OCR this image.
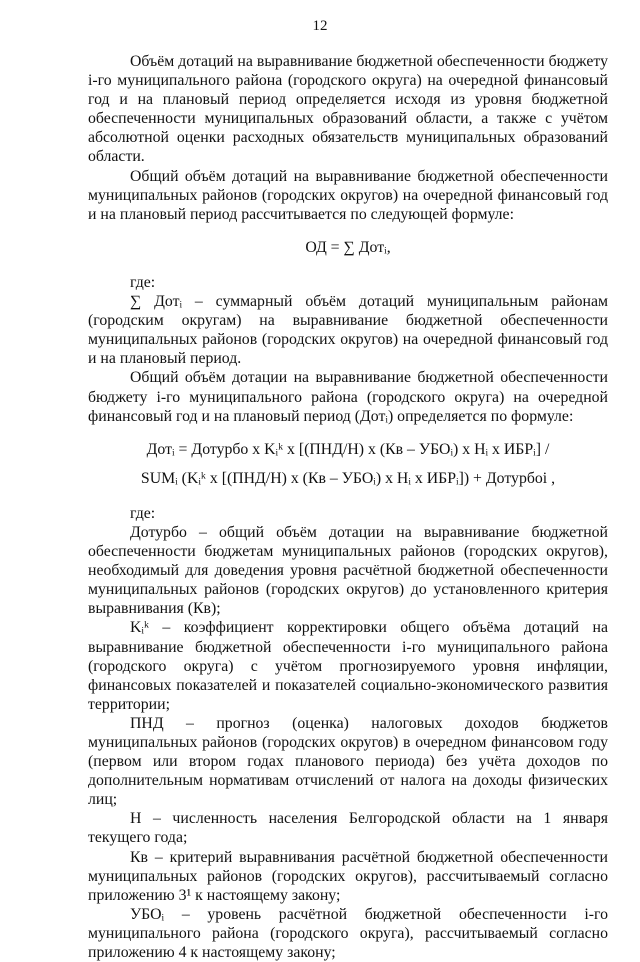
12

Объём дотаций на выравнивание бюджетной обеспеченности бюджету i-го муниципального района (городского округа) на очередной финансовый год и на плановый период определяется исходя из уровня бюджетной обеспеченности муниципальных образований области, а также с учётом абсолютной оценки расходных обязательств муниципальных образований области.

Общий объём дотаций на выравнивание бюджетной обеспеченности муниципальных районов (городских округов) на очередной финансовый год и на плановый период рассчитывается по следующей формуле:

ОД = ∑ Дотᵢ,

где:

∑ Дотᵢ – суммарный объём дотаций муниципальным районам (городским округам) на выравнивание бюджетной обеспеченности муниципальных районов (городских округов) на очередной финансовый год и на плановый период.

Общий объём дотации на выравнивание бюджетной обеспеченности бюджету i-го муниципального района (городского округа) на очередной финансовый год и на плановый период (Дотᵢ) определяется по формуле:

Дотᵢ = Дотурбо х Kᵢᵏ х [(ПНД/Н) х (Кв – УБОᵢ) х Hᵢ х ИБРᵢ] /

SUMᵢ (Kᵢᵏ х [(ПНД/Н) х (Кв – УБОᵢ) х Hᵢ х ИБРᵢ]) + Дотурбоi ,

где:

Дотурбо – общий объём дотации на выравнивание бюджетной обеспеченности бюджетам муниципальных районов (городских округов), необходимый для доведения уровня расчётной бюджетной обеспеченности муниципальных районов (городских округов) до установленного критерия выравнивания (Кв);

Kᵢᵏ – коэффициент корректировки общего объёма дотаций на выравнивание бюджетной обеспеченности i-го муниципального района (городского округа) с учётом прогнозируемого уровня инфляции, финансовых показателей и показателей социально-экономического развития территории;

ПНД – прогноз (оценка) налоговых доходов бюджетов муниципальных районов (городских округов) в очередном финансовом году (первом или втором годах планового периода) без учёта доходов по дополнительным нормативам отчислений от налога на доходы физических лиц;

Н – численность населения Белгородской области на 1 января текущего года;

Кв – критерий выравнивания расчётной бюджетной обеспеченности муниципальных районов (городских округов), рассчитываемый согласно приложению 3¹ к настоящему закону;

УБОᵢ – уровень расчётной бюджетной обеспеченности i-го муниципального района (городского округа), рассчитываемый согласно приложению 4 к настоящему закону;
